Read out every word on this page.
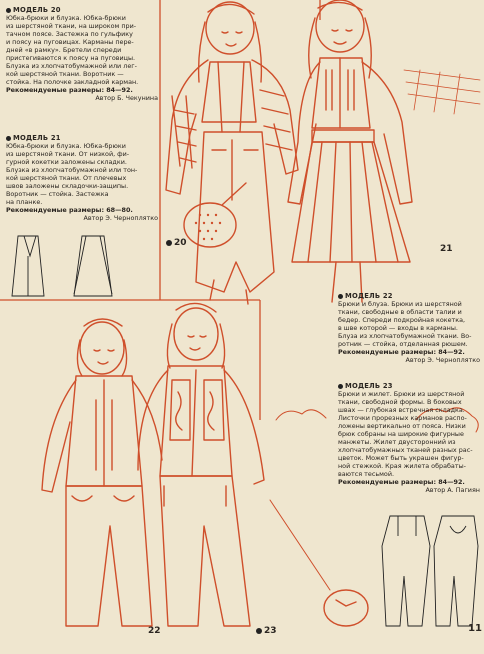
МОДЕЛЬ 20
Юбка-брюки и блузка. Юбка-брюки
из шерстяной ткани, на широком при-
тачном поясе. Застежка по гульфику
и поясу на пуговицах. Карманы пере-
дней «в рамку». Бретели спереди
пристегиваются к поясу на пуговицы.
Блузка из хлопчатобумажной или лег-
кой шерстяной ткани. Воротник —
стойка. На полочке закладной карман.
Рекомендуемые размеры: 84—92.
Автор Б. Чекунина
МОДЕЛЬ 21
Юбка-брюки и блузка. Юбка-брюки
из шерстяной ткани. От низкой, фи-
гурной кокетки заложены складки.
Блузка из хлопчатобумажной или тон-
кой шерстяной ткани. От плечевых
швов заложены складочки-защипы.
Воротник — стойка. Застежка
на планке.
Рекомендуемые размеры: 68—80.
Автор Э. Черноплятко
МОДЕЛЬ 22
Брюки и блуза. Брюки из шерстяной
ткани, свободные в области талии и
бедер. Спереди подкройная кокетка,
в шве которой — входы в карманы.
Блуза из хлопчатобумажной ткани. Во-
ротник — стойка, отделанная рюшем.
Рекомендуемые размеры: 84—92.
Автор Э. Черноплятко
МОДЕЛЬ 23
Брюки и жилет. Брюки из шерстяной
ткани, свободной формы. В боковых
швах — глубокая встречная складка.
Листочки прорезных карманов распо-
ложены вертикально от пояса. Низки
брюк собраны на широкие фигурные
манжеты. Жилет двусторонний из
хлопчатобумажных тканей разных рас-
цветок. Может быть украшен фигур-
ной стежкой. Края жилета обрабаты-
ваются тесьмой.
Рекомендуемые размеры: 84—92.
Автор А. Пагиян
20
21
22	23	11
